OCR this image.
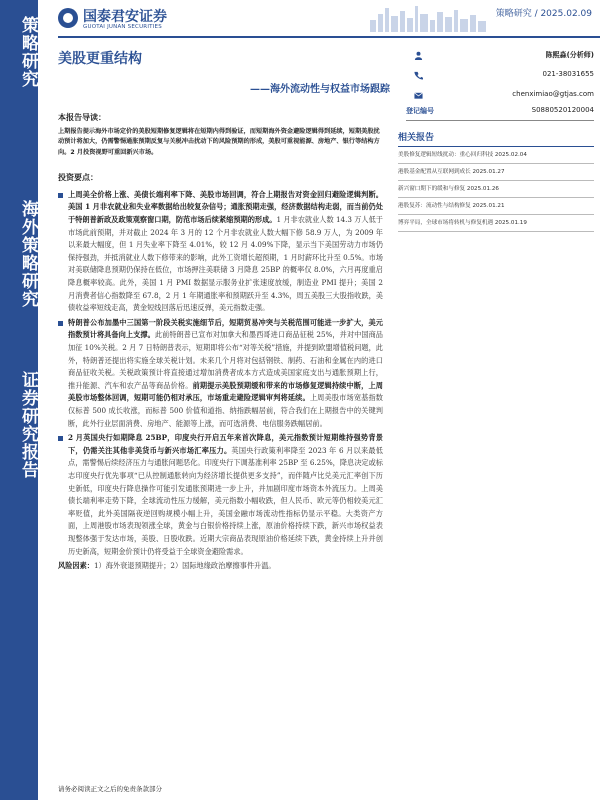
策略研究
海外策略研究
证券研究报告
国泰君安证券
GUOTAI JUNAN SECURITIES
策略研究 / 2025.02.09
美股更重结构
——海外流动性与权益市场跟踪
陈熙淼(分析师)
021-38031655
chenximiao@gtjas.com
登记编号	S0880520120004
相关报告
美股修复逻辑短线扰动：重心回归科技 2025.02.04
港股基金配置从互联网到成长 2025.01.27
新兴窗口期下的缓和与修复 2025.01.26
港股复苏：流动性与结构修复 2025.01.21
博弈平局，全球市场将转机与修复机遇 2025.01.19
本报告导读：
上期报告提示海外市场定价的美股短期修复逻辑将在短期内得到验证，而短期海外资金避险逻辑得到延续，短期美股扰动预计将加大，仍需警惕通胀预期反复与关税冲击扰动下的风险预期的形成，美股可重视能源、房地产、银行等结构方向。2 月投资视野可重回新兴市场。
投资要点：
上周美全价格上涨、美债长端利率下降、美股市场回调，符合上期报告对资金回归避险逻辑判断。美国 1 月非农就业和失业率数据给出较复杂信号；通胀预期走强，经济数据结构走弱，而当前仍处于特朗普新政及政策观察窗口期，防范市场后续紧缩预期的形成。1 月非农就业人数 14.3 万人低于市场此前预期，并对截止 2024 年 3 月的 12 个月非农就业人数大幅下修 58.9 万人，为 2009 年以来最大幅度，但 1 月失业率下降至 4.01%，较 12 月 4.09%下降，显示当下美国劳动力市场仍保持强劲，并抵消就业人数下修带来的影响，此外工资增长超预期，1 月时薪环比升至 0.5%。市场对美联储降息预期仍保持在低位，市场押注美联储 3 月降息 25BP 的概率仅 8.0%，六月再度重启降息概率较高。此外，美国 1 月 PMI 数据显示服务业扩张速度放缓，制造业 PMI 提升；美国 2 月消费者信心指数降至 67.8，2 月 1 年期通胀率和预期跃升至 4.3%，周五美股三大股指收跌，美债收益率短线走高，黄金短线回落后迅速反弹，美元指数走强。
特朗普公布加墨中三国第一阶段关税实施细节后，短期贸易冲突与关税范围可能进一步扩大，美元指数预计将具备向上支撑。此前特朗普已宣布对加拿大和墨西哥进口商品征税 25%，并对中国商品加征 10%关税。2 月 7 日特朗普表示，短期即将公布“对等关税”措施，并提到欧盟增值税问题，此外，特朗普还提出将实施全球关税计划。未来几个月将对包括钢铁、制药、石油和金属在内的进口商品征收关税。关税政策预计将直接通过增加消费者成本方式造成美国家庭支出与通胀预期上行，推升能源、汽车和农产品等商品价格。前期提示美股预期缓和带来的市场修复逻辑持续中断，上周美股市场整体回调，短期可能仍相对承压，市场重走避险逻辑审判将延续。上周美股市场宽基指数仅标普 500 成长收涨，而标普 500 价值和道指、纳指跌幅居前，符合我们在上期报告中的关键判断，此外行业层面消费、房地产、能源等上涨，而可选消费、电信服务跌幅居前。
2 月英国央行如期降息 25BP，印度央行开启五年来首次降息，美元指数预计短期维持强势背景下，仍需关注其他非美货币与新兴市场汇率压力。英国央行政策利率降至 2023 年 6 月以来最低点，需警惕后续经济压力与通胀问题恶化。印度央行下调基准利率 25BP 至 6.25%，降息决定或标志印度央行优先事项“已从控制通胀转向为经济增长提供更多支持”，而伴随卢比兑美元汇率创下历史新低，印度央行降息操作可能引发通胀预期进一步上升，并加剧印度市场资本外流压力。上周美债长端利率走势下降，全球流动性压力缓解，美元指数小幅收跌，但人民币、欧元等仍相较美元汇率贬值，此外美国隔夜逆回购规模小幅上升，美国金融市场流动性指标仍显示平稳。大类资产方面，上周港股市场表现领涨全球，黄金与白银价格持续上涨，原油价格持续下跌，新兴市场权益表现整体强于发达市场，美股、日股收跌。近期大宗商品表现原油价格延续下跌，黄金持续上升并创历史新高，短期金价预计仍将受益于全球资金避险需求。
风险因素：1）海外衰退预期提升；2）国际地缘政治摩擦事件升温。
请务必阅读正文之后的免责条款部分
